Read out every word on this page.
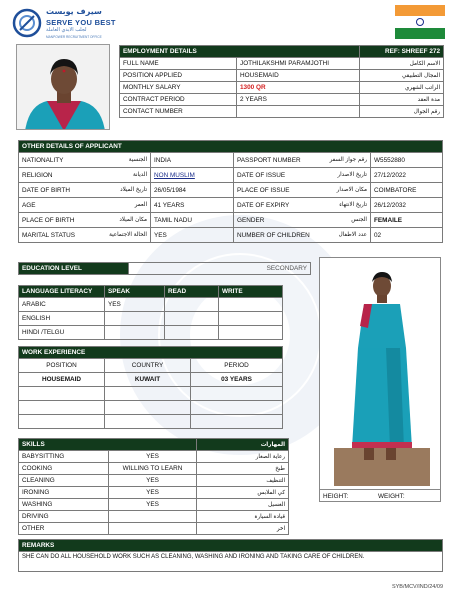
سيرف يوبست
SERVE YOU BEST
لجلب الايدي العاملة
MANPOWER RECRUITMENT OFFICE
EMPLOYMENT DETAILS		REF: SHREEF 272
FULL NAME	JOTHILAKSHMI PARAMJOTHI	الاسم الكامل
POSITION APPLIED	HOUSEMAID	المجال التطبيقي
MONTHLY SALARY	1300 QR	الراتب الشهري
CONTRACT PERIOD	2 YEARS	مدة العقد
CONTACT NUMBER		رقم الجوال
OTHER DETAILS OF APPLICANT			
NATIONALITY الجنسية	INDIA	PASSPORT NUMBER رقم جواز السفر	W5552880
RELIGION الديانة	NON MUSLIM	DATE OF ISSUE تاريخ الاصدار	27/12/2022
DATE OF BIRTH تاريخ الميلاد	26/05/1984	PLACE OF ISSUE مكان الاصدار	COIMBATORE
AGE العمر	41 YEARS	DATE OF EXPIRY تاريخ الانتهاء	26/12/2032
PLACE OF BIRTH مكان الميلاد	TAMIL NADU	GENDER الجنس	FEMAILE
MARITAL STATUS الحالة الاجتماعية	YES	NUMBER OF CHILDREN عدد الاطفال	02
EDUCATION LEVEL	SECONDARY
LANGUAGE LITERACY	SPEAK	READ	WRITE
ARABIC	YES		
ENGLISH			
HINDI /TELGU			
WORK EXPERIENCE		
POSITION	COUNTRY	PERIOD
HOUSEMAID	KUWAIT	03 YEARS

SKILLS		المهارات
BABYSITTING	YES	رعاية الصغار
COOKING	WILLING TO LEARN	طبخ
CLEANING	YES	التنظيف
IRONING	YES	كي الملابس
WASHING	YES	الغسيل
DRIVING		قيادة السيارة
OTHER		اخر
HEIGHT:	WEIGHT:
REMARKS
SHE CAN DO ALL HOUSEHOLD WORK SUCH AS CLEANING, WASHING AND IRONING AND TAKING CARE OF CHILDREN.
SYB/MCV/IND/24/09
